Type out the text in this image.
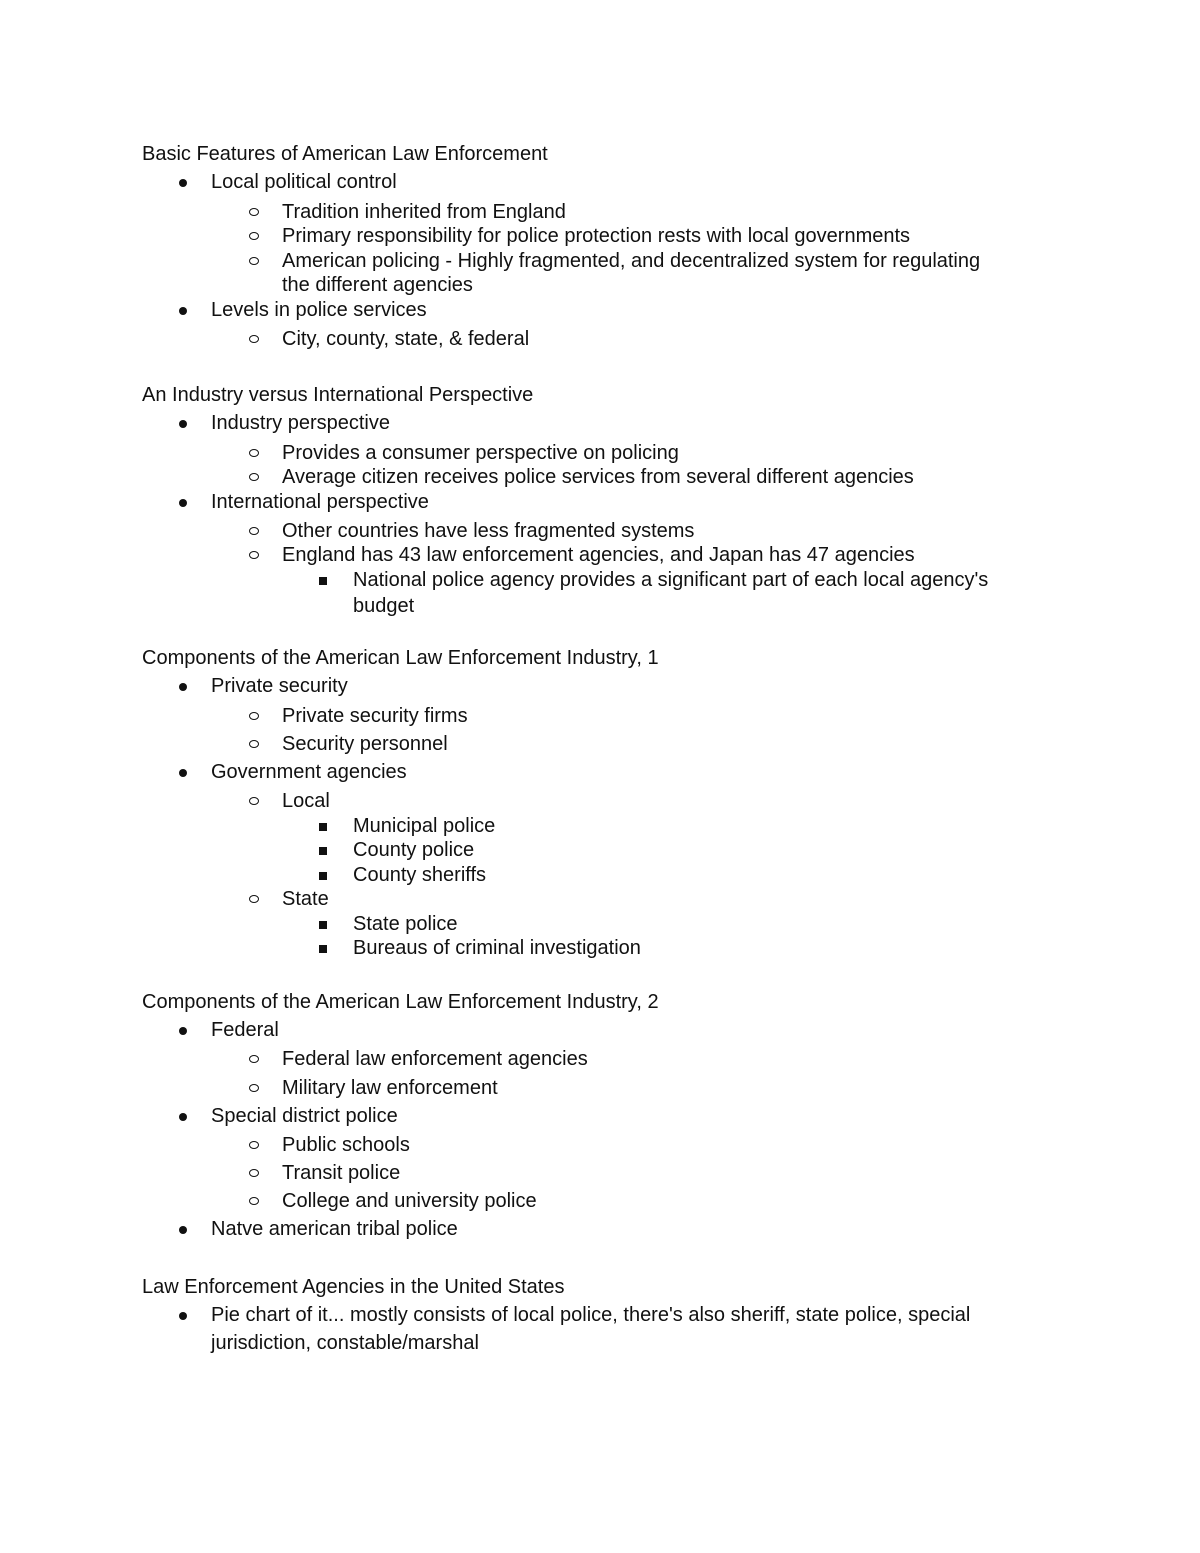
Basic Features of American Law Enforcement
Local political control
Tradition inherited from England
Primary responsibility for police protection rests with local governments
American policing - Highly fragmented, and decentralized system for regulating
the different agencies
Levels in police services
City, county, state, & federal
An Industry versus International Perspective
Industry perspective
Provides a consumer perspective on policing
Average citizen receives police services from several different agencies
International perspective
Other countries have less fragmented systems
England has 43 law enforcement agencies, and Japan has 47 agencies
National police agency provides a significant part of each local agency's
budget
Components of the American Law Enforcement Industry, 1
Private security
Private security firms
Security personnel
Government agencies
Local
Municipal police
County police
County sheriffs
State
State police
Bureaus of criminal investigation
Components of the American Law Enforcement Industry, 2
Federal
Federal law enforcement agencies
Military law enforcement
Special district police
Public schools
Transit police
College and university police
Natve american tribal police
Law Enforcement Agencies in the United States
Pie chart of it... mostly consists of local police, there's also sheriff, state police, special
jurisdiction, constable/marshal
